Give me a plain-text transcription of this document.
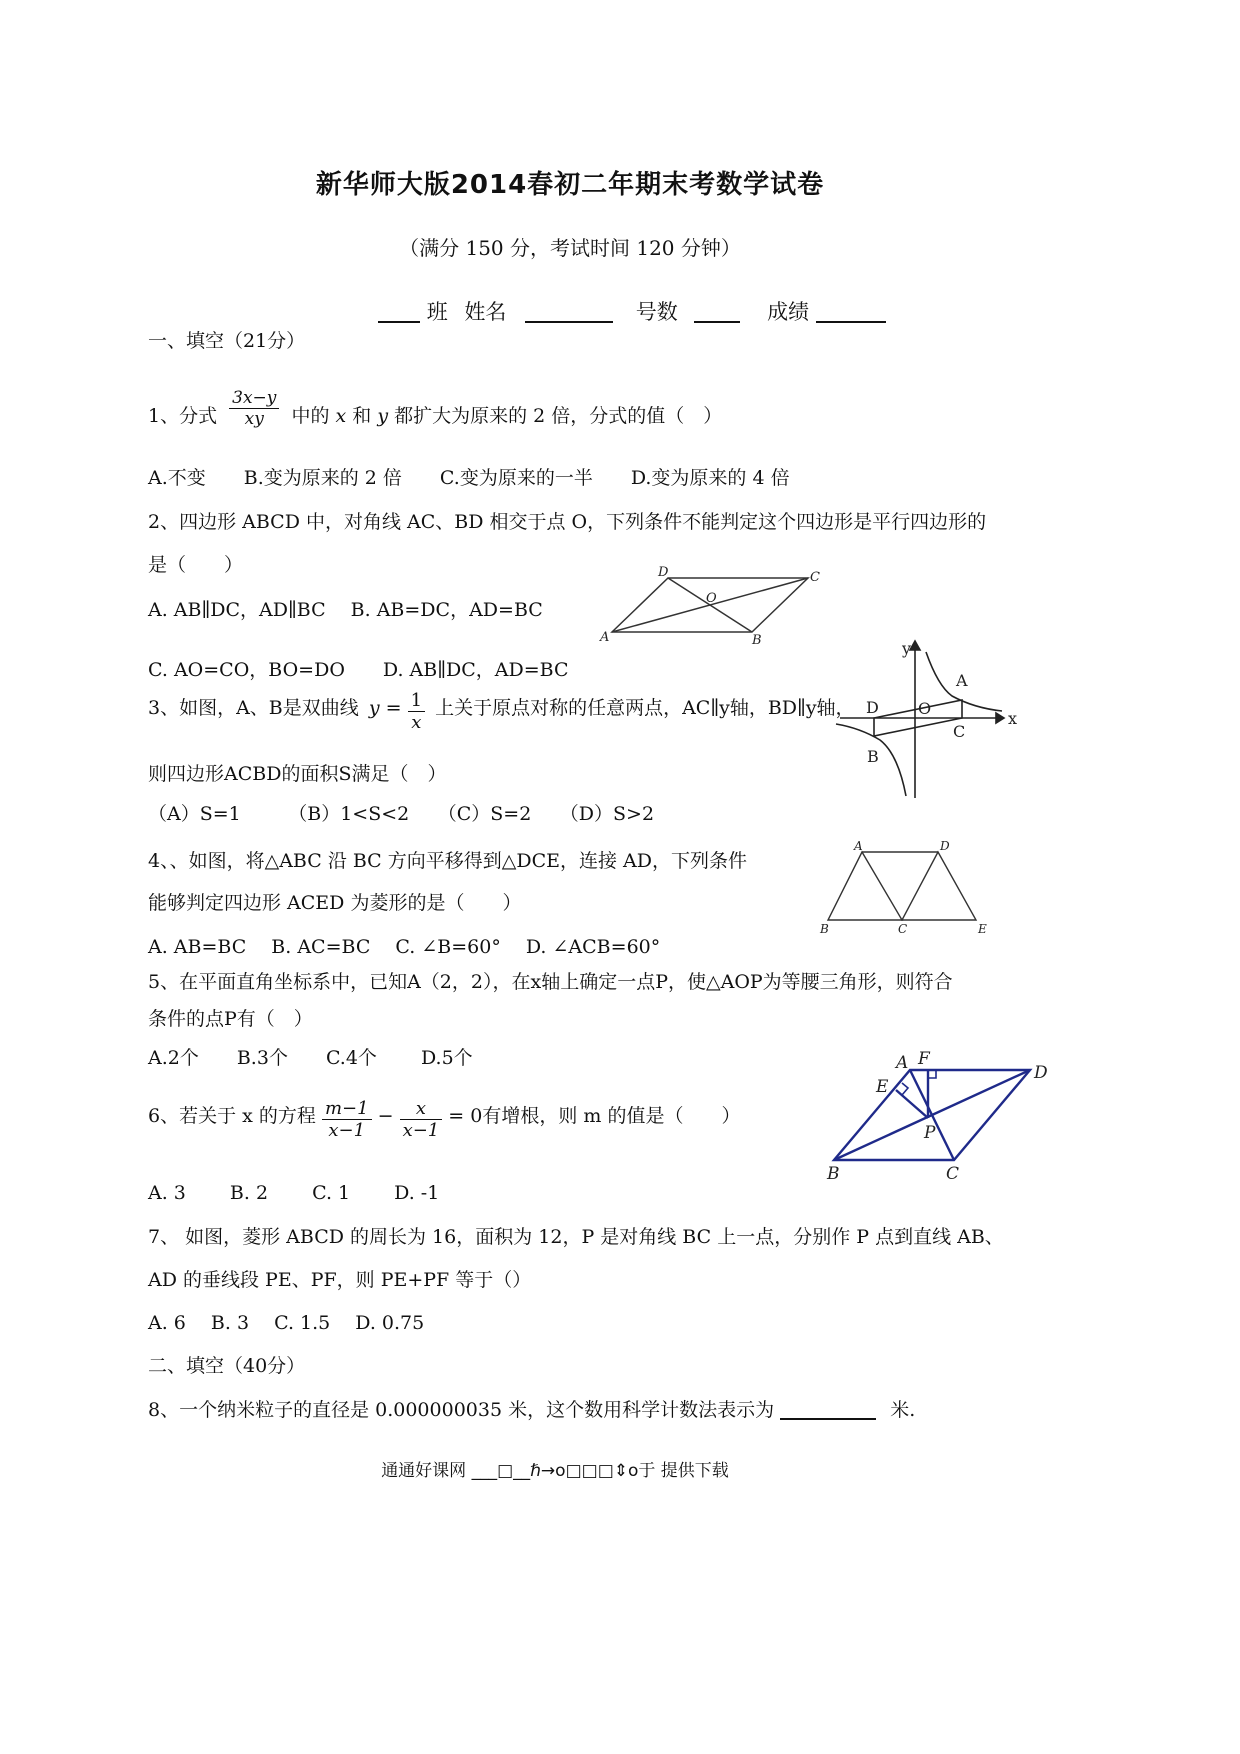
新华师大版2014春初二年期末考数学试卷
（满分 150 分，考试时间 120 分钟）
班 姓名	号数	成绩
一、填空（21分）
1、分式 $\frac{3x-y}{xy}$ 中的 x 和 y 都扩大为原来的 2 倍，分式的值（　）
A.不变　　B.变为原来的 2 倍　　C.变为原来的一半　　D.变为原来的 4 倍
2、四边形 ABCD 中，对角线 AC、BD 相交于点 O，下列条件不能判定这个四边形是平行四边形的
是（　　）
A. AB∥DC，AD∥BC　 B. AB=DC，AD=BC
C. AO=CO，BO=DO　　D. AB∥DC，AD=BC
A	B
C
D
O
3、如图，A、B是双曲线 $y = \frac{1}{x}$ 上关于原点对称的任意两点，AC∥y轴，BD∥y轴，
则四边形ACBD的面积S满足（　）
（A）S=1　　　（B）1<S<2　　（C）S=2　　（D）S>2
y
x
A
B
C
D O
4、、如图，将△ABC 沿 BC 方向平移得到△DCE，连接 AD，下列条件
能够判定四边形 ACED 为菱形的是（　　）
A. AB=BC　 B. AC=BC　 C. ∠B=60°　 D. ∠ACB=60°
A
B	C
D
E
5、在平面直角坐标系中，已知A（2，2），在x轴上确定一点P，使△AOP为等腰三角形，则符合
条件的点P有（　）
A.2个　　B.3个　　C.4个　　 D.5个
6、若关于 x 的方程 $\frac{m-1}{x-1} - \frac{x}{x-1} = 0$有增根，则 m 的值是（　　）
A. 3　　 B. 2　　 C. 1　　 D. -1
A
B	C
D
E
F
P
7、 如图，菱形 ABCD 的周长为 16，面积为 12，P 是对角线 BC 上一点，分别作 P 点到直线 AB、
AD 的垂线段 PE、PF，则 PE+PF 等于（）
A. 6　 B. 3　 C. 1.5　 D. 0.75
二、填空（40分）
8、一个纳米粒子的直径是 0.000000035 米，这个数用科学计数法表示为	米.
通通好课网 ___□__ℏ→o□□□⇕o于 提供下载
